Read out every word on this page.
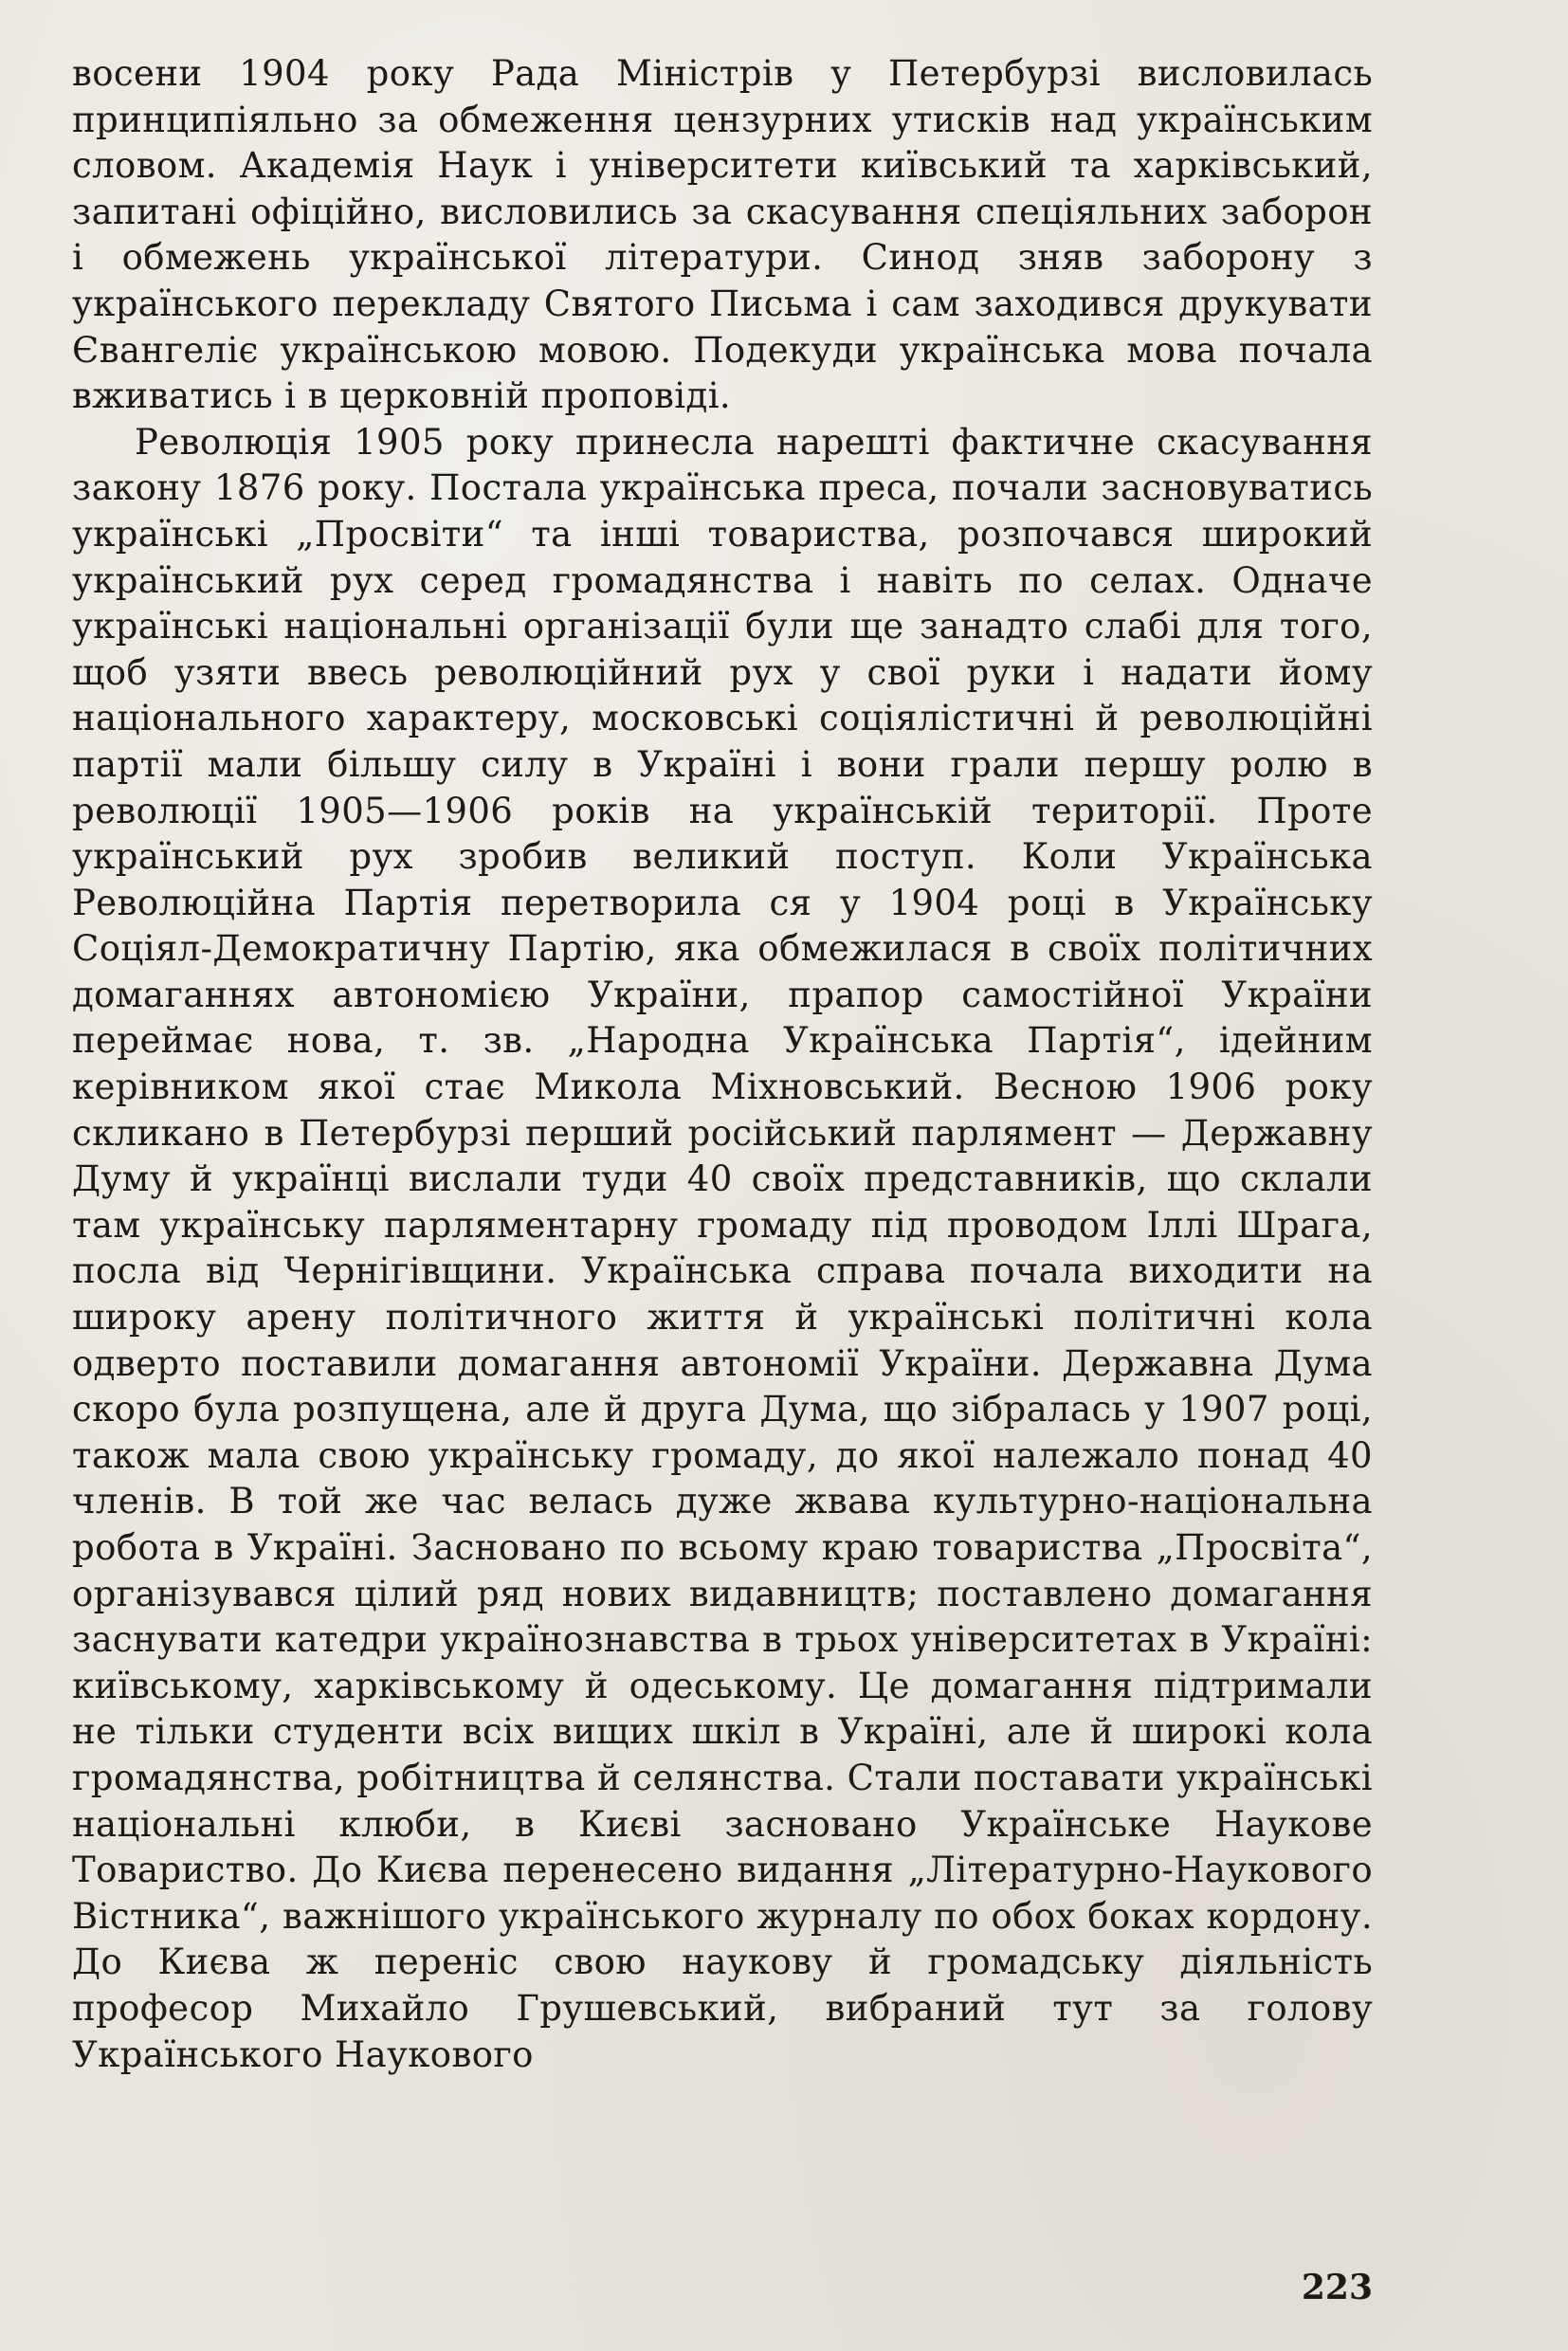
восени 1904 року Рада Міністрів у Петербурзі висловилась принципіяльно за обмеження цензурних утисків над українським словом. Академія Наук і університети київський та харківський, запитані офіційно, висловились за скасування спеціяльних заборон і обмежень української літератури. Синод зняв заборону з українського перекладу Святого Письма і сам заходився друкувати Євангеліє українською мовою. Подекуди українська мова почала вживатись і в церковній проповіді.

Революція 1905 року принесла нарешті фактичне скасування закону 1876 року. Постала українська преса, почали засновуватись українські „Просвіти“ та інші товариства, розпочався широкий український рух серед громадянства і навіть по селах. Одначе українські національні організації були ще занадто слабі для того, щоб узяти ввесь революційний рух у свої руки і надати йому національного характеру, московські соціялістичні й революційні партії мали більшу силу в Україні і вони грали першу ролю в революції 1905—1906 років на українській території. Проте український рух зробив великий поступ. Коли Українська Революційна Партія перетворила ся у 1904 році в Українську Соціял-Демократичну Партію, яка обмежилася в своїх політичних домаганнях автономією України, прапор самостійної України переймає нова, т. зв. „Народна Українська Партія“, ідейним керівником якої стає Микола Міхновський. Весною 1906 року скликано в Петербурзі перший російський парлямент — Державну Думу й українці вислали туди 40 своїх представників, що склали там українську парляментарну громаду під проводом Іллі Шрага, посла від Чернігівщини. Українська справа почала виходити на широку арену політичного життя й українські політичні кола одверто поставили домагання автономії України. Державна Дума скоро була розпущена, але й друга Дума, що зібралась у 1907 році, також мала свою українську громаду, до якої належало понад 40 членів. В той же час велась дуже жвава культурно-національна робота в Україні. Засновано по всьому краю товариства „Просвіта“, організувався цілий ряд нових видавництв; поставлено домагання заснувати катедри українознавства в трьох університетах в Україні: київському, харківському й одеському. Це домагання підтримали не тільки студенти всіх вищих шкіл в Україні, але й широкі кола громадянства, робітництва й селянства. Стали поставати українські національні клюби, в Києві засновано Українське Наукове Товариство. До Києва перенесено видання „Літературно-Наукового Вістника“, важнішого українського журналу по обох боках кордону. До Києва ж переніс свою наукову й громадську діяльність професор Михайло Грушевський, вибраний тут за голову Українського Наукового

223
